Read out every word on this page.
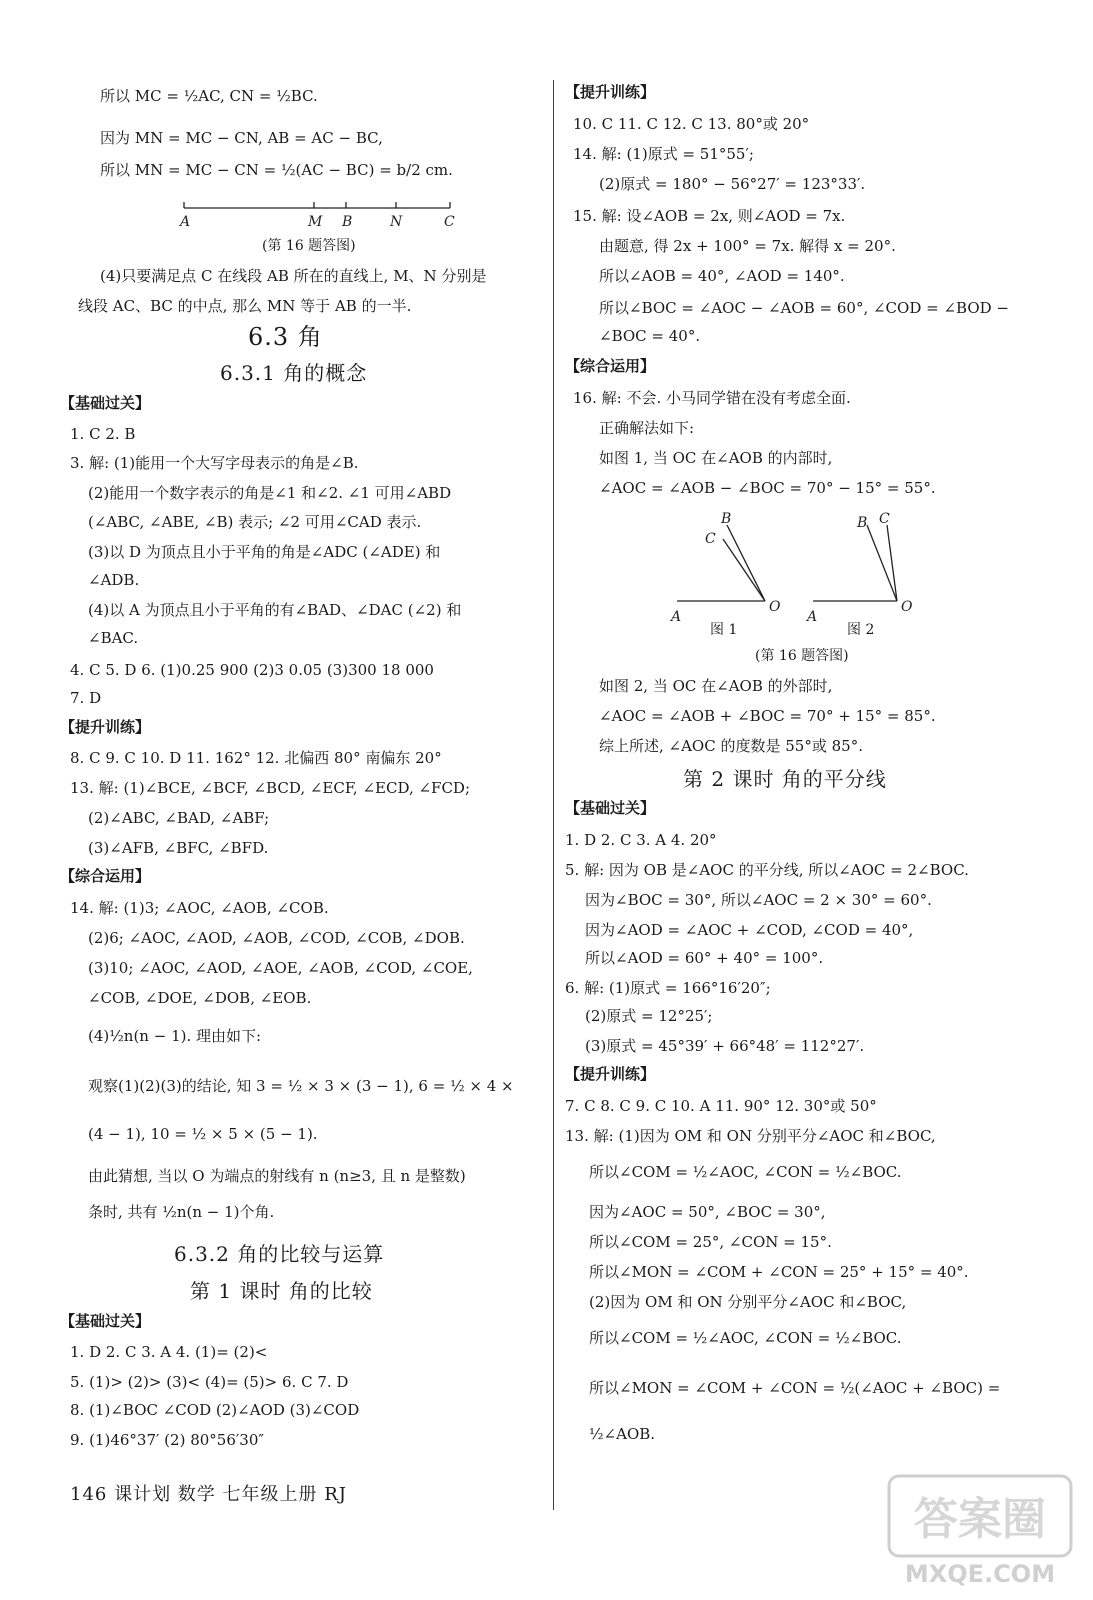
所以 MC = ½AC, CN = ½BC.
因为 MN = MC − CN, AB = AC − BC,
所以 MN = MC − CN = ½(AC − BC) = b/2 cm.
A	M B	N	C
(第 16 题答图)
(4)只要满足点 C 在线段 AB 所在的直线上, M、N 分别是
线段 AC、BC 的中点, 那么 MN 等于 AB 的一半.
6.3 角
6.3.1 角的概念
【基础过关】
1. C 2. B
3. 解: (1)能用一个大写字母表示的角是∠B.
(2)能用一个数字表示的角是∠1 和∠2. ∠1 可用∠ABD
(∠ABC, ∠ABE, ∠B) 表示; ∠2 可用∠CAD 表示.
(3)以 D 为顶点且小于平角的角是∠ADC (∠ADE) 和
∠ADB.
(4)以 A 为顶点且小于平角的有∠BAD、∠DAC (∠2) 和
∠BAC.
4. C 5. D 6. (1)0.25 900 (2)3 0.05 (3)300 18 000
7. D
【提升训练】
8. C 9. C 10. D 11. 162° 12. 北偏西 80° 南偏东 20°
13. 解: (1)∠BCE, ∠BCF, ∠BCD, ∠ECF, ∠ECD, ∠FCD;
(2)∠ABC, ∠BAD, ∠ABF;
(3)∠AFB, ∠BFC, ∠BFD.
【综合运用】
14. 解: (1)3; ∠AOC, ∠AOB, ∠COB.
(2)6; ∠AOC, ∠AOD, ∠AOB, ∠COD, ∠COB, ∠DOB.
(3)10; ∠AOC, ∠AOD, ∠AOE, ∠AOB, ∠COD, ∠COE,
∠COB, ∠DOE, ∠DOB, ∠EOB.
(4)½n(n − 1). 理由如下:
观察(1)(2)(3)的结论, 知 3 = ½ × 3 × (3 − 1), 6 = ½ × 4 ×
(4 − 1), 10 = ½ × 5 × (5 − 1).
由此猜想, 当以 O 为端点的射线有 n (n≥3, 且 n 是整数)
条时, 共有 ½n(n − 1)个角.
6.3.2 角的比较与运算
第 1 课时 角的比较
【基础过关】
1. D 2. C 3. A 4. (1)= (2)<
5. (1)> (2)> (3)< (4)= (5)> 6. C 7. D
8. (1)∠BOC ∠COD (2)∠AOD (3)∠COD
9. (1)46°37′ (2) 80°56′30″
【提升训练】
10. C 11. C 12. C 13. 80°或 20°
14. 解: (1)原式 = 51°55′;
(2)原式 = 180° − 56°27′ = 123°33′.
15. 解: 设∠AOB = 2x, 则∠AOD = 7x.
由题意, 得 2x + 100° = 7x. 解得 x = 20°.
所以∠AOB = 40°, ∠AOD = 140°.
所以∠BOC = ∠AOC − ∠AOB = 60°, ∠COD = ∠BOD −
∠BOC = 40°.
【综合运用】
16. 解: 不会. 小马同学错在没有考虑全面.
正确解法如下:
如图 1, 当 OC 在∠AOB 的内部时,
∠AOC = ∠AOB − ∠BOC = 70° − 15° = 55°.
B
C
A
O
B C
A
O
图 1	图 2
(第 16 题答图)
如图 2, 当 OC 在∠AOB 的外部时,
∠AOC = ∠AOB + ∠BOC = 70° + 15° = 85°.
综上所述, ∠AOC 的度数是 55°或 85°.
第 2 课时 角的平分线
【基础过关】
1. D 2. C 3. A 4. 20°
5. 解: 因为 OB 是∠AOC 的平分线, 所以∠AOC = 2∠BOC.
因为∠BOC = 30°, 所以∠AOC = 2 × 30° = 60°.
因为∠AOD = ∠AOC + ∠COD, ∠COD = 40°,
所以∠AOD = 60° + 40° = 100°.
6. 解: (1)原式 = 166°16′20″;
(2)原式 = 12°25′;
(3)原式 = 45°39′ + 66°48′ = 112°27′.
【提升训练】
7. C 8. C 9. C 10. A 11. 90° 12. 30°或 50°
13. 解: (1)因为 OM 和 ON 分别平分∠AOC 和∠BOC,
所以∠COM = ½∠AOC, ∠CON = ½∠BOC.
因为∠AOC = 50°, ∠BOC = 30°,
所以∠COM = 25°, ∠CON = 15°.
所以∠MON = ∠COM + ∠CON = 25° + 15° = 40°.
(2)因为 OM 和 ON 分别平分∠AOC 和∠BOC,
所以∠COM = ½∠AOC, ∠CON = ½∠BOC.
所以∠MON = ∠COM + ∠CON = ½(∠AOC + ∠BOC) =
½∠AOB.
146 课计划 数学 七年级上册 RJ	答案圈
MXQE.COM
